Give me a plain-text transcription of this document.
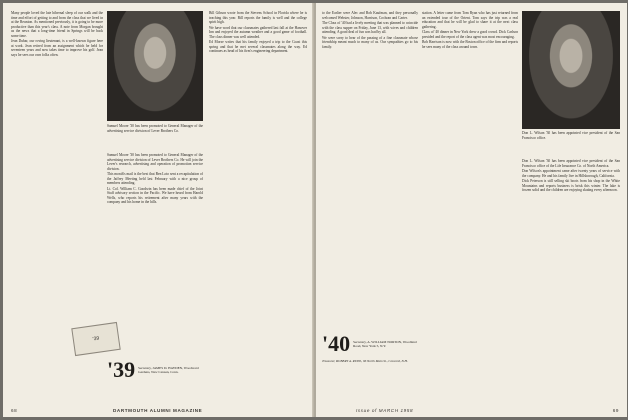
Many people loved the late hibernal sleep of our walk and the time and effort of getting to and from the class that we lived in at the Reunion. As mentioned previously, it is going to be more productive than this year's class. A note from Morgan brought us the news that a long-time friend in Springs will be back some time.

Jean Dubar, our roving lieutenant, is a well-known figure here at work. Jean retired from an assignment which he held for seventeen years and now takes time to improve his golf. Jean says he sees our own folks often.

Samuel Moore '30 has been promoted to General Manager of the advertising service division of Lever Brothers Co.

Samuel Moore '30 has been promoted to General Manager of the advertising service division of Lever Brothers Co. He will join the Lever's research, advertising and operation of promotion service division.

This month's mail is the best that Ben Loto sent a recapitulation of the Jaffrey Meeting held last February with a nice group of members attending.

Lt. Col. William C. Goodwin has been made chief of the Joint Staff advisory section in the Pacific. We have heard from Harold Wells, who reports his retirement after many years with the company and his home in the hills.

'39
'39 Secretary, JAMES D. HAYDEN, Woodward Gardens, New Canaan, Conn.

Bill Gibson wrote from the Stevens School in Florida where he is teaching this year. Bill reports the family is well and the college spirit high.

We have word that our classmates gathered last fall at the Hanover Inn and enjoyed the autumn weather and a good game of football. The class dinner was well attended.

Ed Morse writes that his family enjoyed a trip to the Coast this spring and that he met several classmates along the way. Ed continues as head of his firm's engineering department.

68	DARTMOUTH ALUMNI MAGAZINE

to the Earlier were Alec and Bob Kaufman, and they personally welcomed Webster, Johnson, Harrison, Cochran and Carter.

The Class of '40 had a lively meeting that was planned to coincide with the class supper on Friday, June 13, with wives and children attending. A good deal of fun was had by all.

We were sorry to hear of the passing of a fine classmate whose friendship meant much to many of us. Our sympathies go to his family.

'40 Secretary, A. WILLIAM NORTON, Woodland Road, New York 5, N.Y.

Treasurer, ROBERT A. RUHL, 96 North Main St., Concord, N.H.

station. A letter came from Tom Ryan who has just returned from an extended tour of the Orient. Tom says the trip was a real education and that he will be glad to share it at the next class gathering.

Class of '40 dinner in New York drew a good crowd. Dick Carlson presided and the report of the class agent was most encouraging.

Bob Harrison is now with the Boston office of the firm and reports he sees many of the class around town.

Don L. Wilson '30 has been appointed vice president of the San Francisco office.

Don L. Wilson '30 has been appointed vice president of the San Francisco office of the Life Insurance Co. of North America.

Don Wilson's appointment came after twenty years of service with the company. He and his family live in Hillsborough, California.

Dick Peterson is still selling ski boots from his shop in the White Mountains and reports business is brisk this winter. The lake is frozen solid and the children are enjoying skating every afternoon.

Issue of MARCH 1958	69
